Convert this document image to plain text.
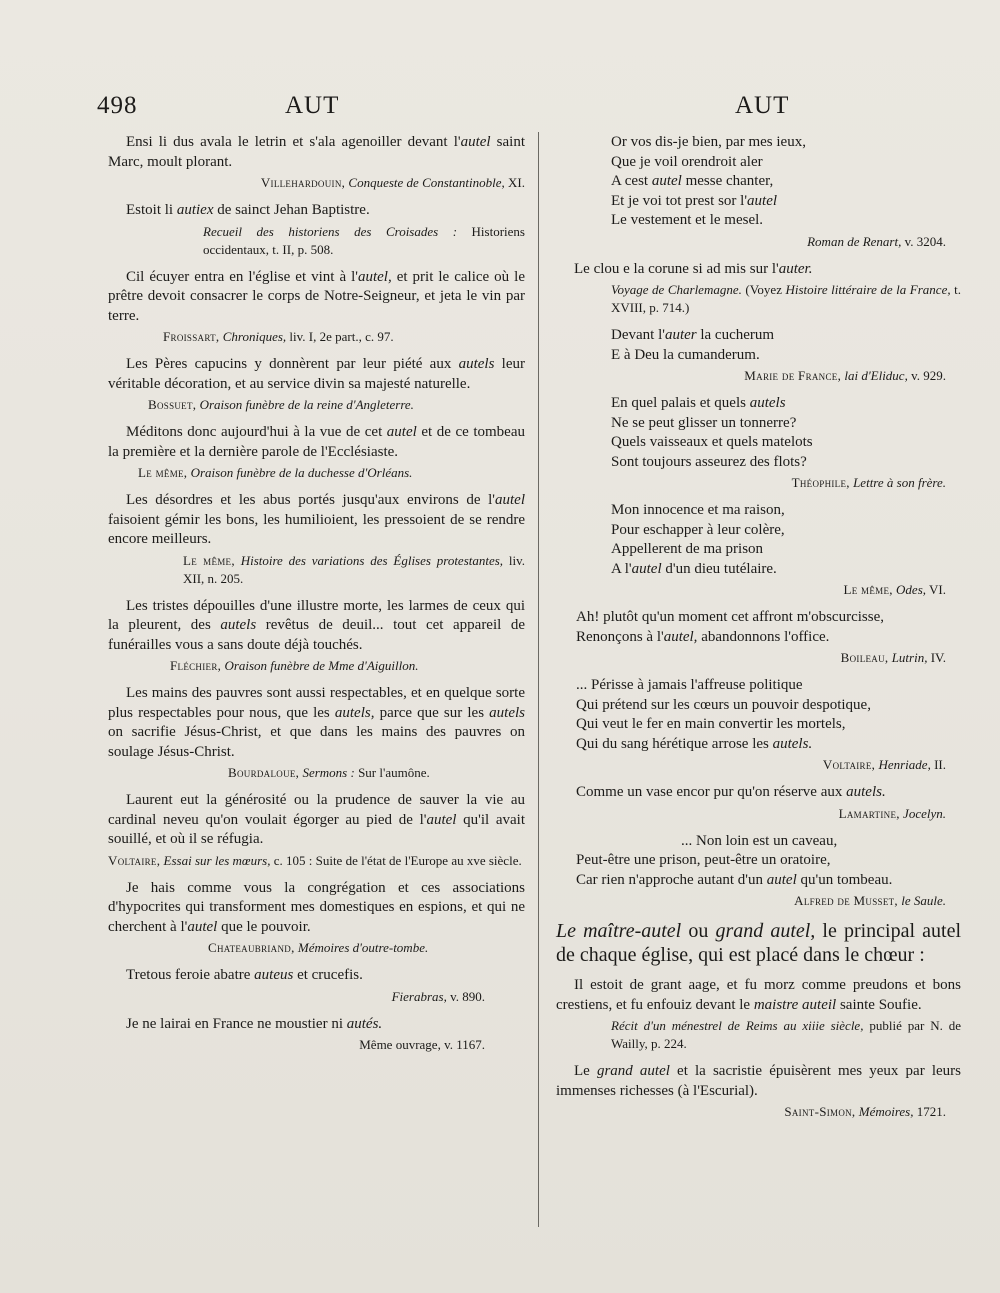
498	AUT	AUT

Ensi li dus avala le letrin et s'ala agenoiller devant l'autel saint Marc, moult plorant.

Villehardouin, Conqueste de Constantinoble, XI.

Estoit li autiex de sainct Jehan Baptistre.

Recueil des historiens des Croisades : Historiens occidentaux, t. II, p. 508.

Cil écuyer entra en l'église et vint à l'autel, et prit le calice où le prêtre devoit consacrer le corps de Notre-Seigneur, et jeta le vin par terre.

Froissart, Chroniques, liv. I, 2e part., c. 97.

Les Pères capucins y donnèrent par leur piété aux autels leur véritable décoration, et au service divin sa majesté naturelle.

Bossuet, Oraison funèbre de la reine d'Angleterre.

Méditons donc aujourd'hui à la vue de cet autel et de ce tombeau la première et la dernière parole de l'Ecclésiaste.

Le même, Oraison funèbre de la duchesse d'Orléans.

Les désordres et les abus portés jusqu'aux environs de l'autel faisoient gémir les bons, les humilioient, les pressoient de se rendre encore meilleurs.

Le même, Histoire des variations des Églises protestantes, liv. XII, n. 205.

Les tristes dépouilles d'une illustre morte, les larmes de ceux qui la pleurent, des autels revêtus de deuil... tout cet appareil de funérailles vous a sans doute déjà touchés.

Fléchier, Oraison funèbre de Mme d'Aiguillon.

Les mains des pauvres sont aussi respectables, et en quelque sorte plus respectables pour nous, que les autels, parce que sur les autels on sacrifie Jésus-Christ, et que dans les mains des pauvres on soulage Jésus-Christ.

Bourdaloue, Sermons : Sur l'aumône.

Laurent eut la générosité ou la prudence de sauver la vie au cardinal neveu qu'on voulait égorger au pied de l'autel qu'il avait souillé, et où il se réfugia.

Voltaire, Essai sur les mœurs, c. 105 : Suite de l'état de l'Europe au xve siècle.

Je hais comme vous la congrégation et ces associations d'hypocrites qui transforment mes domestiques en espions, et qui ne cherchent à l'autel que le pouvoir.

Chateaubriand, Mémoires d'outre-tombe.

Tretous feroie abatre auteus et crucefis.

Fierabras, v. 890.

Je ne lairai en France ne moustier ni autés.

Même ouvrage, v. 1167.

Or vos dis-je bien, par mes ieux,
Que je voil orendroit aler
A cest autel messe chanter,
Et je voi tot prest sor l'autel
Le vestement et le mesel.

Roman de Renart, v. 3204.

Le clou e la corune si ad mis sur l'auter.

Voyage de Charlemagne. (Voyez Histoire littéraire de la France, t. XVIII, p. 714.)

Devant l'auter la cucherum
E à Deu la cumanderum.

Marie de France, lai d'Eliduc, v. 929.

En quel palais et quels autels
Ne se peut glisser un tonnerre?
Quels vaisseaux et quels matelots
Sont toujours asseurez des flots?

Théophile, Lettre à son frère.

Mon innocence et ma raison,
Pour eschapper à leur colère,
Appellerent de ma prison
A l'autel d'un dieu tutélaire.

Le même, Odes, VI.

Ah! plutôt qu'un moment cet affront m'obscurcisse,
Renonçons à l'autel, abandonnons l'office.

Boileau, Lutrin, IV.

... Périsse à jamais l'affreuse politique
Qui prétend sur les cœurs un pouvoir despotique,
Qui veut le fer en main convertir les mortels,
Qui du sang hérétique arrose les autels.

Voltaire, Henriade, II.

Comme un vase encor pur qu'on réserve aux autels.

Lamartine, Jocelyn.

... Non loin est un caveau,
Peut-être une prison, peut-être un oratoire,
Car rien n'approche autant d'un autel qu'un tombeau.

Alfred de Musset, le Saule.

Le maître-autel ou grand autel, le principal autel de chaque église, qui est placé dans le chœur :

Il estoit de grant aage, et fu morz comme preudons et bons crestiens, et fu enfouiz devant le maistre auteil sainte Soufie.

Récit d'un ménestrel de Reims au xiiie siècle, publié par N. de Wailly, p. 224.

Le grand autel et la sacristie épuisèrent mes yeux par leurs immenses richesses (à l'Escurial).

Saint-Simon, Mémoires, 1721.
